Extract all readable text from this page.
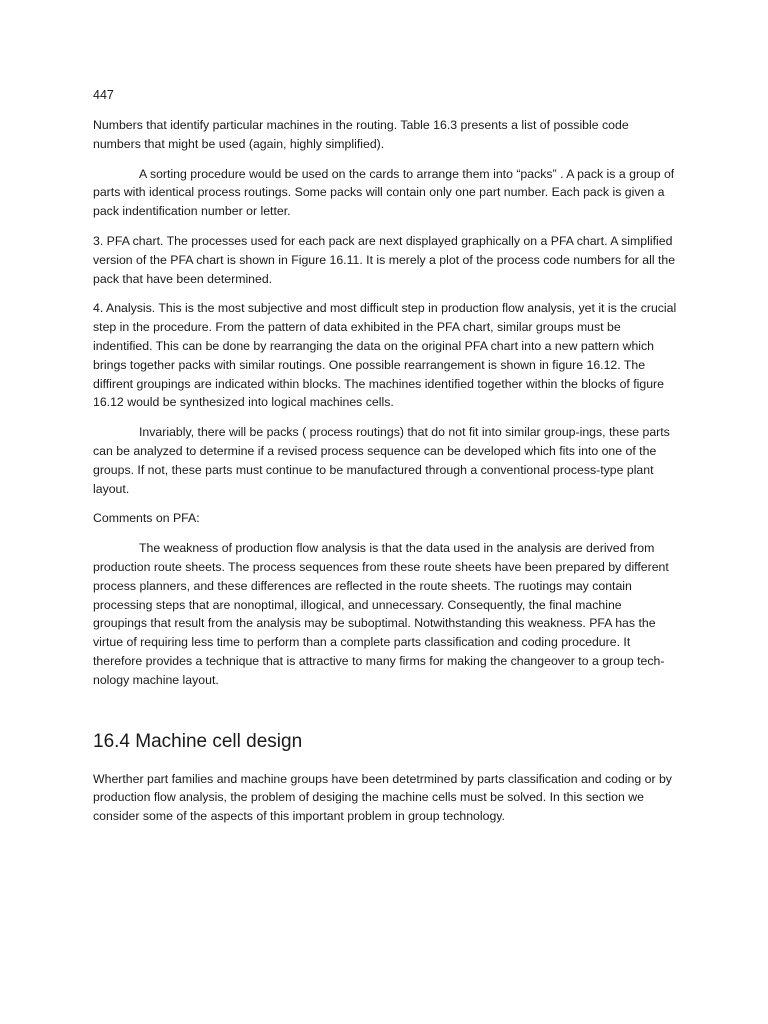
447

Numbers that identify particular machines in the routing. Table 16.3 presents a list of possible code numbers that might be used (again, highly simplified).

A sorting procedure would be used on the cards to arrange them into “packs” . A pack is a group of parts with identical process routings. Some packs will contain only one part number. Each pack is given a pack indentification number or letter.

3. PFA chart. The processes used for each pack are next displayed graphically on a PFA chart. A simplified version of the PFA chart is shown in Figure 16.11. It is merely a plot of the process code numbers for all the pack that have been determined.

4. Analysis. This is the most subjective and most difficult step in production flow analysis, yet it is the crucial step in the procedure. From the pattern of data exhibited in the PFA chart, similar groups must be indentified. This can be done by rearranging the data on the original PFA chart into a new pattern which brings together packs with similar routings. One possible rearrangement is shown in figure 16.12. The diffirent groupings are indicated within blocks. The machines identified together within the blocks of figure 16.12 would be synthesized into logical machines cells.

Invariably, there will be packs ( process routings) that do not fit into similar group-ings, these parts can be analyzed to determine if a revised process sequence can be developed which fits into one of the groups. If not, these parts must continue to be manufactured through a conventional process-type plant layout.

Comments on PFA:

The weakness of production flow analysis is that the data used in the analysis are derived from production route sheets. The process sequences from these route sheets have been prepared by different process planners, and these differences are reflected in the route sheets. The ruotings may contain processing steps that are nonoptimal, illogical, and unnecessary. Consequently, the final machine groupings that result from the analysis may be suboptimal. Notwithstanding this weakness. PFA has the virtue of requiring less time to perform than a complete parts classification and coding procedure. It therefore provides a technique that is attractive to many firms for making the changeover to a group tech-nology machine layout.

16.4 Machine cell design

Wherther part families and machine groups have been detetrmined by parts classification and coding or by production flow analysis, the problem of desiging the machine cells must be solved. In this section we consider some of the aspects of this important problem in group technology.
